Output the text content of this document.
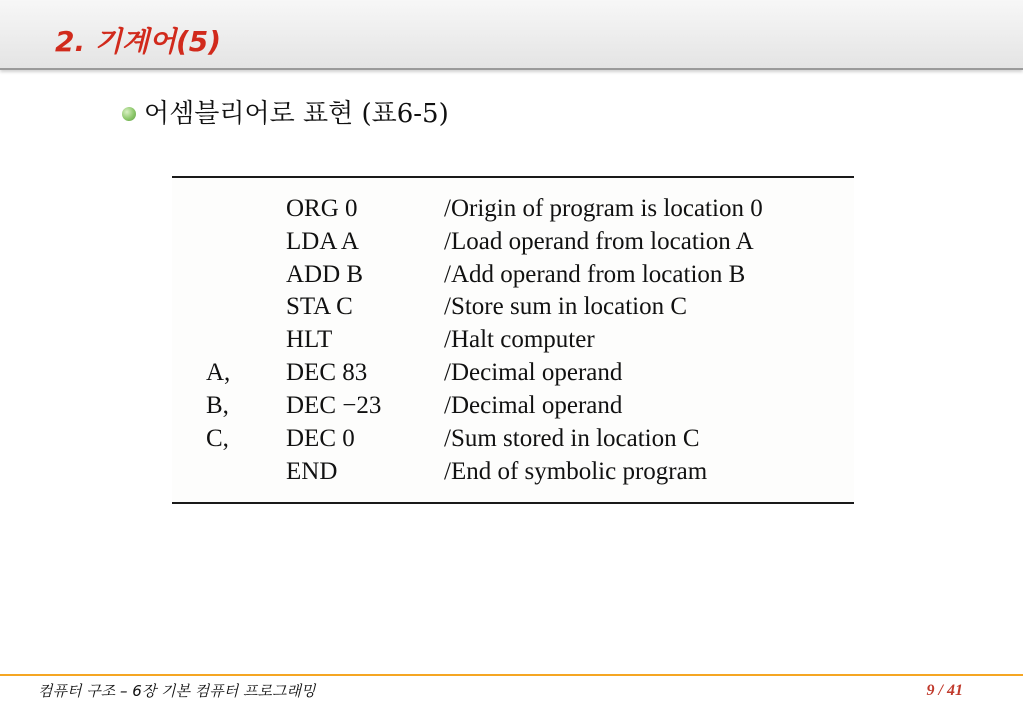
2. 기계어(5)
어셈블리어로 표현 (표6-5)
ORG 0	/Origin of program is location 0
LDA A	/Load operand from location A
ADD B	/Add operand from location B
STA C	/Store sum in location C
HLT	/Halt computer
A, DEC 83	/Decimal operand
B, DEC −23	/Decimal operand
C, DEC 0	/Sum stored in location C
END	/End of symbolic program
컴퓨터 구조 – 6장 기본 컴퓨터 프로그래밍	9 / 41
